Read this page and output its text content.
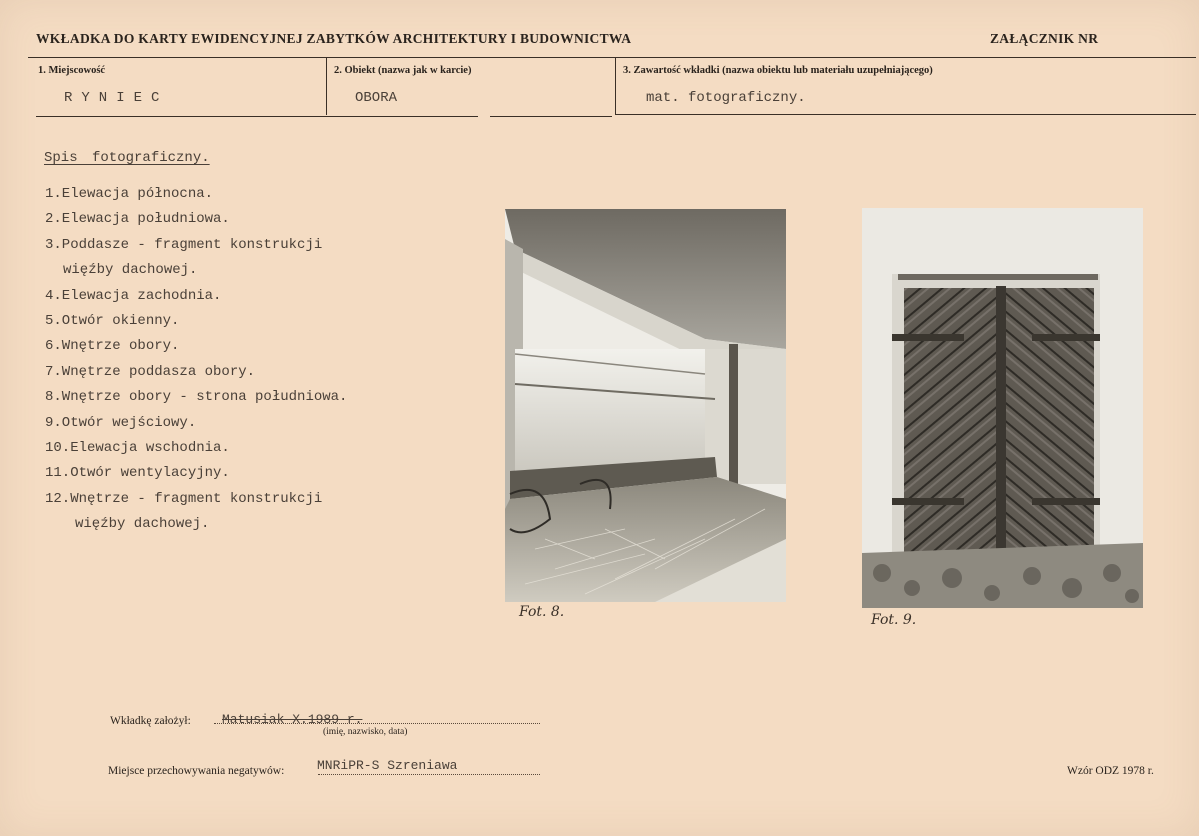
WKŁADKA DO KARTY EWIDENCYJNEJ ZABYTKÓW ARCHITEKTURY I BUDOWNICTWA	ZAŁĄCZNIK NR
1. Miejscowość
RYNIEC
2. Obiekt (nazwa jak w karcie)
OBORA
3. Zawartość wkładki (nazwa obiektu lub materiału uzupełniającego)
mat. fotograficzny.
Spis fotograficzny.
1.Elewacja północna.
2.Elewacja południowa.
3.Poddasze - fragment konstrukcji
więźby dachowej.
4.Elewacja zachodnia.
5.Otwór okienny.
6.Wnętrze obory.
7.Wnętrze poddasza obory.
8.Wnętrze obory - strona południowa.
9.Otwór wejściowy.
10.Elewacja wschodnia.
11.Otwór wentylacyjny.
12.Wnętrze - fragment konstrukcji
więźby dachowej.
Fot. 8.	Fot. 9.
Wkładkę założył: Matusiak X.1989 r.
(imię, nazwisko, data)
Miejsce przechowywania negatywów:	MNRiPR-S Szreniawa	Wzór ODZ 1978 r.
